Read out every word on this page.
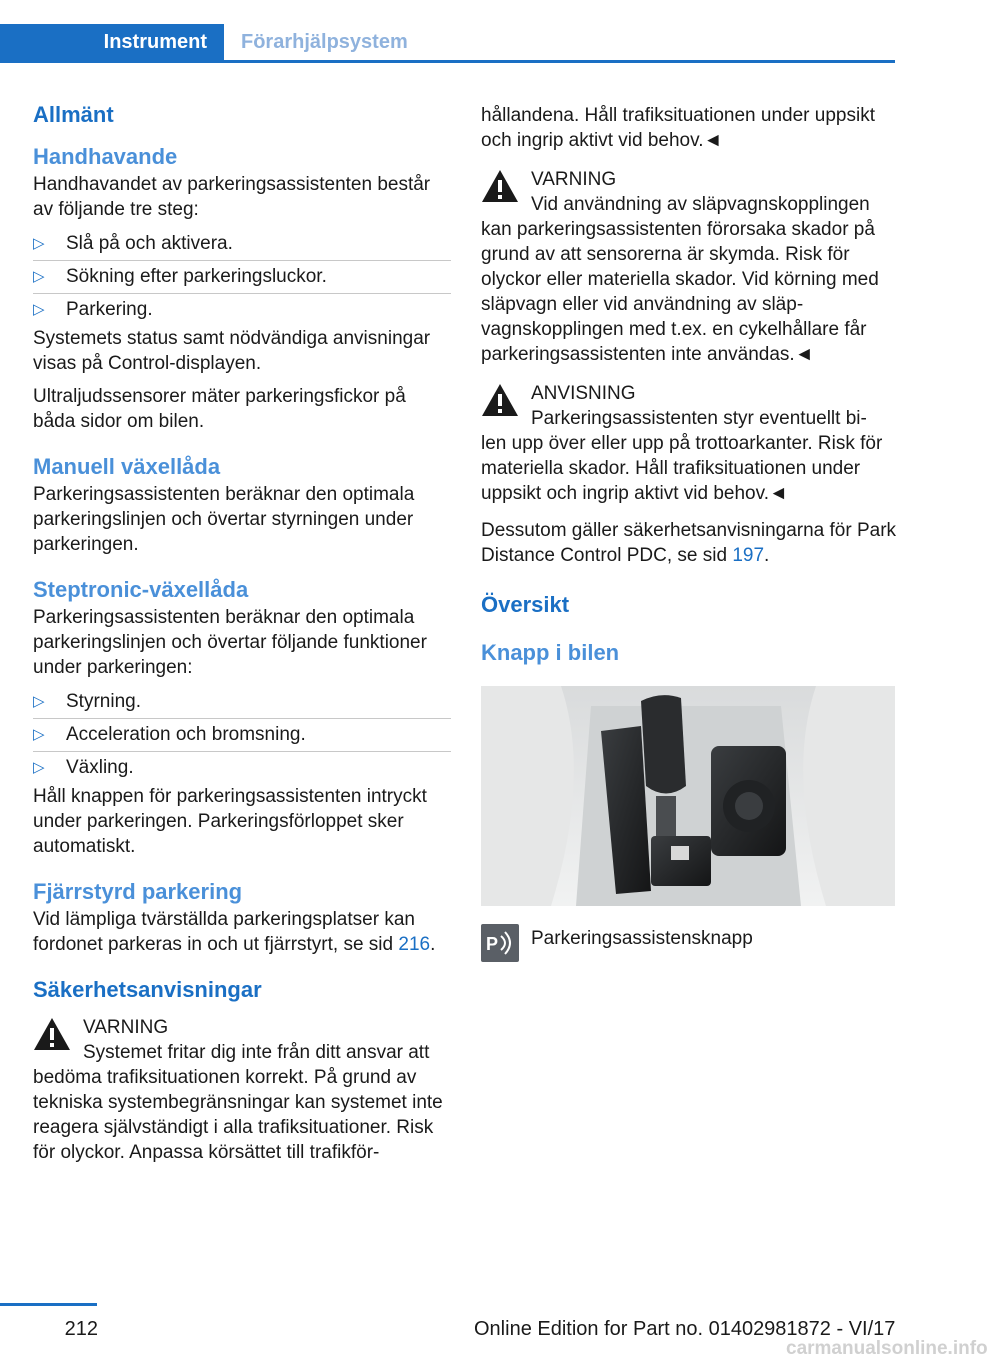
Instrument	Förarhjälpsystem
Allmänt
Handhavande

Handhavandet av parkeringsassistenten består av följande tre steg:

▷ Slå på och aktivera.
▷ Sökning efter parkeringsluckor.
▷ Parkering.

Systemets status samt nödvändiga anvisningar visas på Control-displayen.

Ultraljudssensorer mäter parkeringsfickor på båda sidor om bilen.

Manuell växellåda

Parkeringsassistenten beräknar den optimala parkeringslinjen och övertar styrningen under parkeringen.

Steptronic-växellåda

Parkeringsassistenten beräknar den optimala parkeringslinjen och övertar följande funktioner under parkeringen:

▷ Styrning.
▷ Acceleration och bromsning.
▷ Växling.

Håll knappen för parkeringsassistenten intryckt under parkeringen. Parkeringsförloppet sker automatiskt.

Fjärrstyrd parkering

Vid lämpliga tvärställda parkeringsplatser kan fordonet parkeras in och ut fjärrstyrt, se sid 216.

Säkerhetsanvisningar
VARNING
Systemet fritar dig inte från ditt ansvar att

bedöma trafiksituationen korrekt. På grund av tekniska systembegränsningar kan systemet inte reagera självständigt i alla trafiksituationer. Risk för olyckor. Anpassa körsättet till trafikför-

hållandena. Håll trafiksituationen under uppsikt och ingrip aktivt vid behov.◄

VARNING
Vid användning av släpvagnskopplingen

kan parkeringsassistenten förorsaka skador på grund av att sensorerna är skymda. Risk för olyckor eller materiella skador. Vid körning med släpvagn eller vid användning av släpvagnskopplingen med t.ex. en cykelhållare får parkeringsassistenten inte användas.◄

ANVISNING
Parkeringsassistenten styr eventuellt bi-

len upp över eller upp på trottoarkanter. Risk för materiella skador. Håll trafiksituationen under uppsikt och ingrip aktivt vid behov.◄

Dessutom gäller säkerhetsanvisningarna för Park Distance Control PDC, se sid 197.

Översikt
Knapp i bilen
P Parkeringsassistensknapp
212	Online Edition for Part no. 01402981872 - VI/17
carmanualsonline.info
